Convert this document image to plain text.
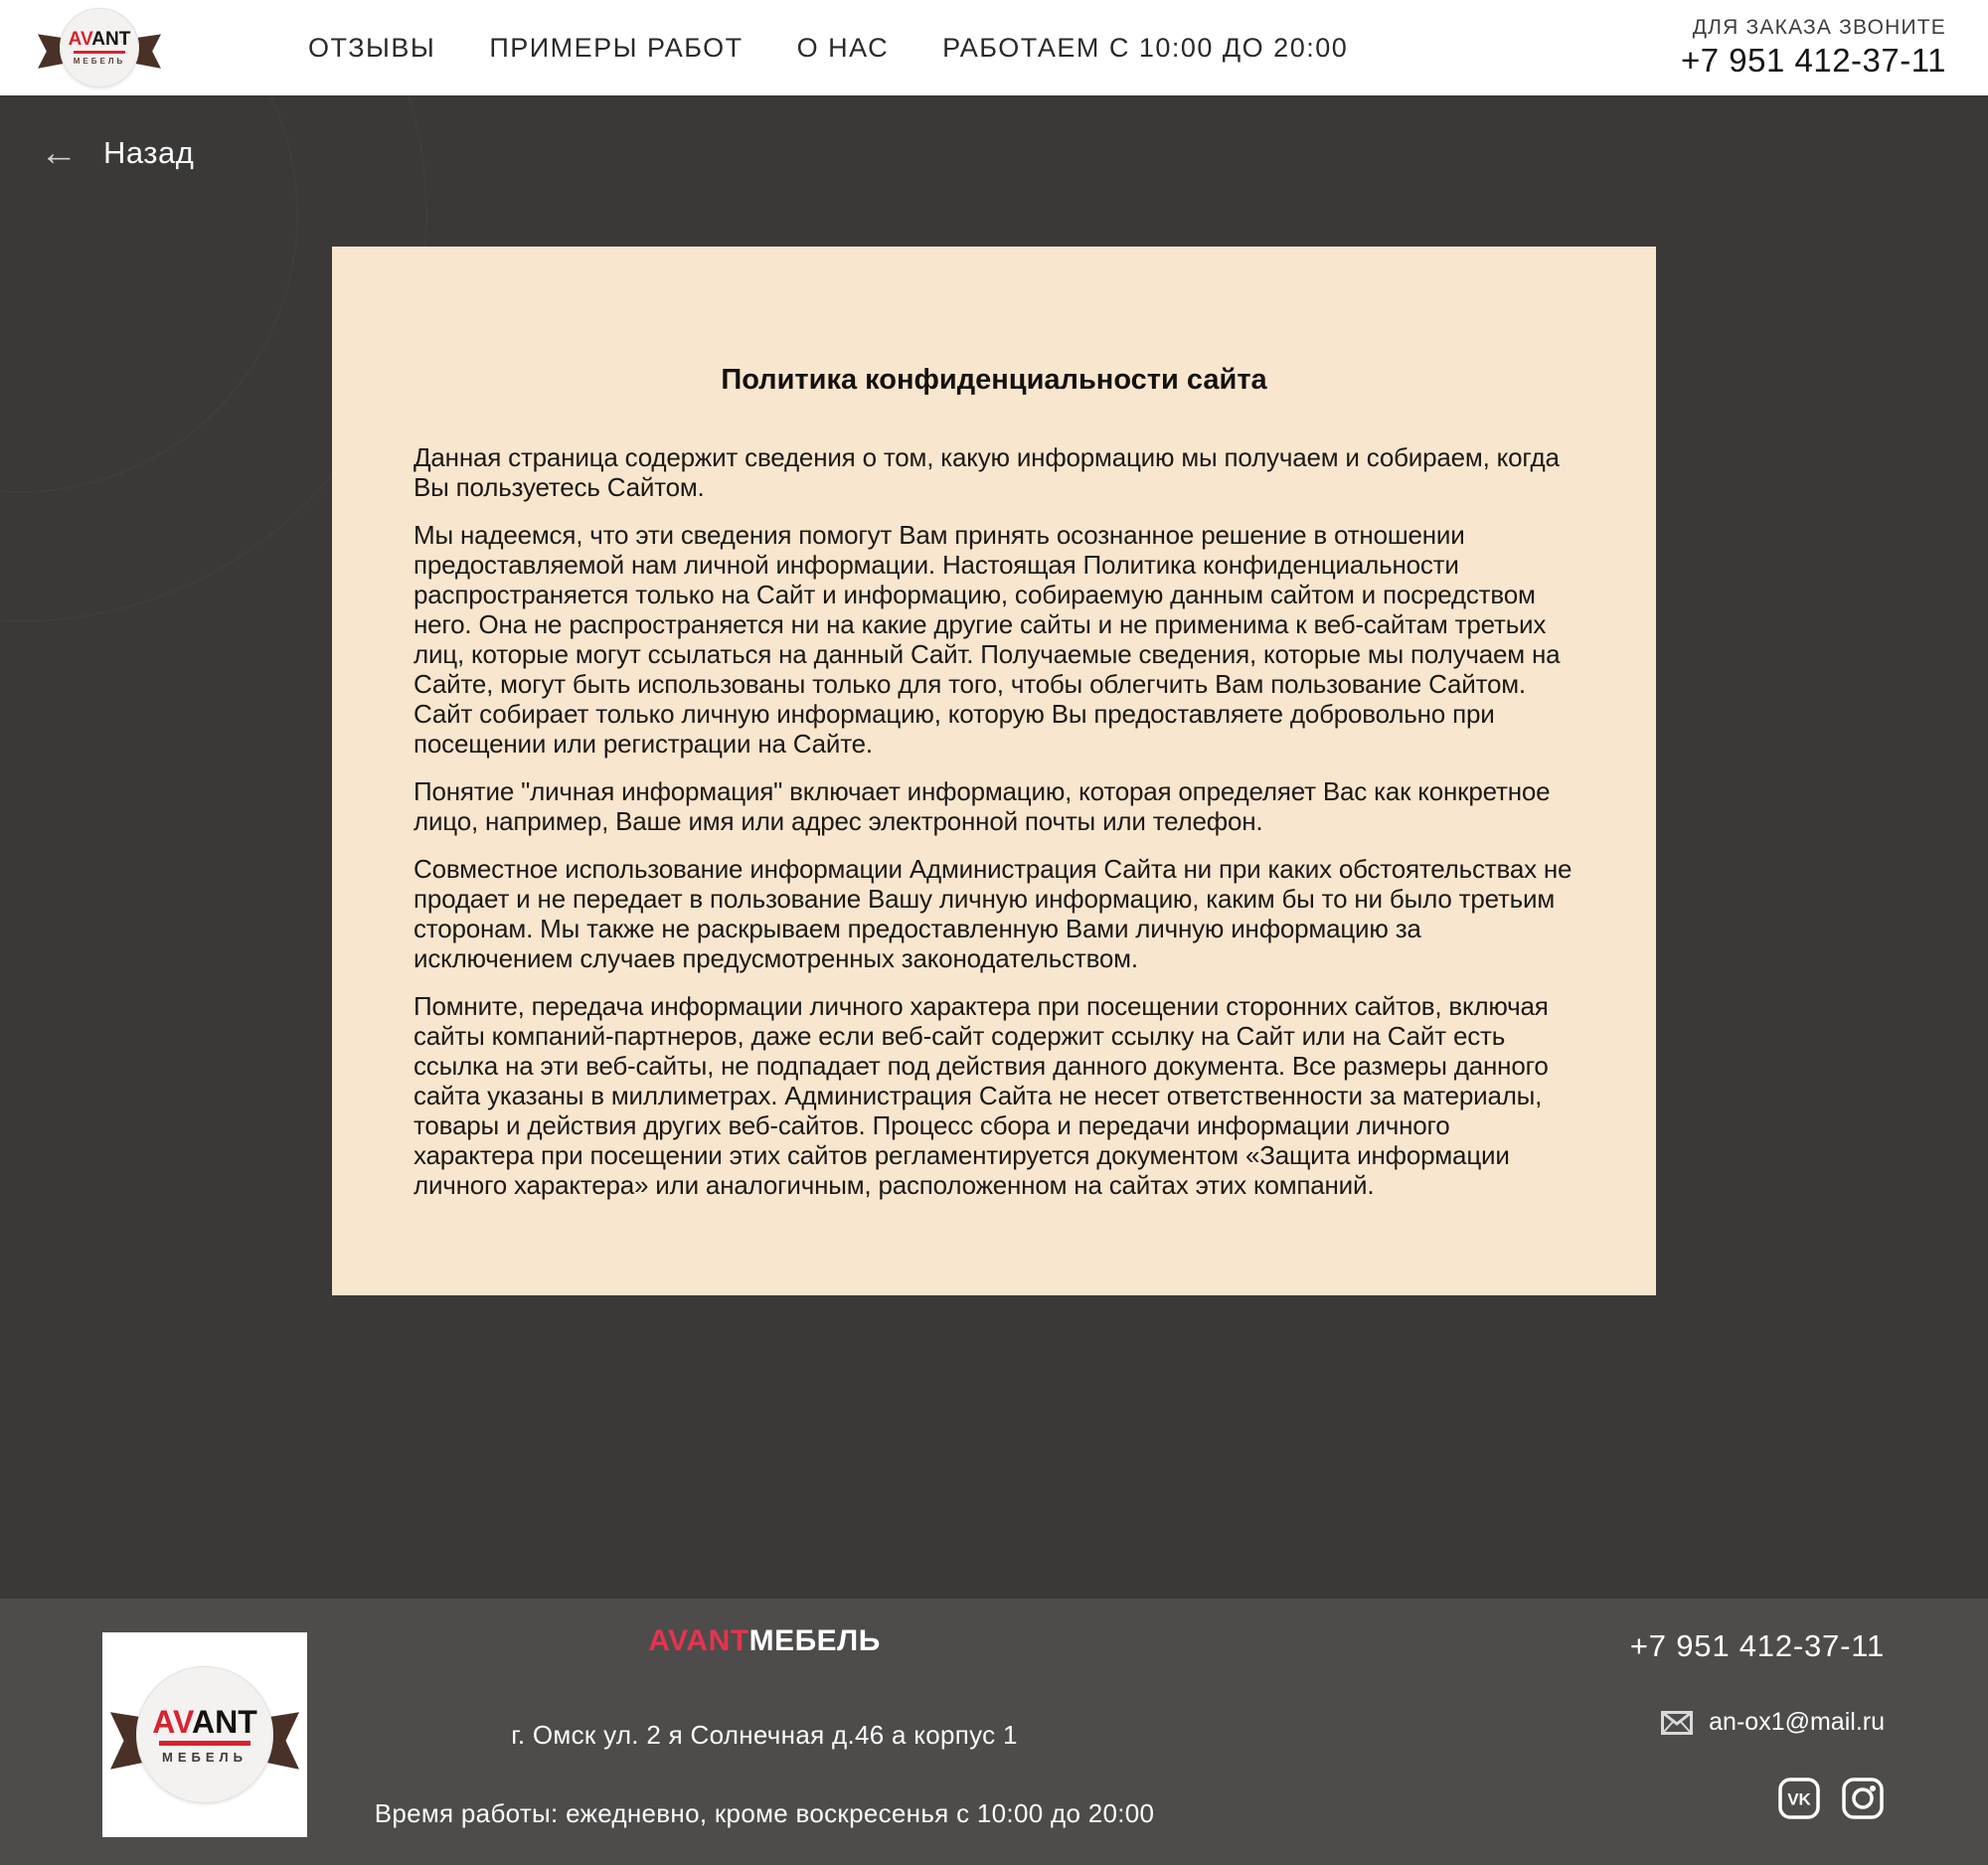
AVANT
МЕБЕЛЬ	ОТЗЫВЫ ПРИМЕРЫ РАБОТ О НАС РАБОТАЕМ С 10:00 ДО 20:00
ДЛЯ ЗАКАЗА ЗВОНИТЕ
+7 951 412-37-11
← Назад
Политика конфиденциальности сайта

Данная страница содержит сведения о том, какую информацию мы получаем и собираем, когда Вы пользуетесь Сайтом.

Мы надеемся, что эти сведения помогут Вам принять осознанное решение в отношении предоставляемой нам личной информации. Настоящая Политика конфиденциальности распространяется только на Сайт и информацию, собираемую данным сайтом и посредством него. Она не распространяется ни на какие другие сайты и не применима к веб-сайтам третьих лиц, которые могут ссылаться на данный Сайт. Получаемые сведения, которые мы получаем на Сайте, могут быть использованы только для того, чтобы облегчить Вам пользование Сайтом. Сайт собирает только личную информацию, которую Вы предоставляете добровольно при посещении или регистрации на Сайте.

Понятие "личная информация" включает информацию, которая определяет Вас как конкретное лицо, например, Ваше имя или адрес электронной почты или телефон.

Совместное использование информации Администрация Сайта ни при каких обстоятельствах не продает и не передает в пользование Вашу личную информацию, каким бы то ни было третьим сторонам. Мы также не раскрываем предоставленную Вами личную информацию за исключением случаев предусмотренных законодательством.

Помните, передача информации личного характера при посещении сторонних сайтов, включая сайты компаний-партнеров, даже если веб-сайт содержит ссылку на Сайт или на Сайт есть ссылка на эти веб-сайты, не подпадает под действия данного документа. Все размеры данного сайта указаны в миллиметрах. Администрация Сайта не несет ответственности за материалы, товары и действия других веб-сайтов. Процесс сбора и передачи информации личного характера при посещении этих сайтов регламентируется документом «Защита информации личного характера» или аналогичным, расположенном на сайтах этих компаний.

AVANT
МЕБЕЛЬ
AVANTМЕБЕЛЬ
г. Омск ул. 2 я Солнечная д.46 а корпус 1
Время работы: ежедневно, кроме воскресенья с 10:00 до 20:00
+7 951 412-37-11
an-ox1@mail.ru
VK
